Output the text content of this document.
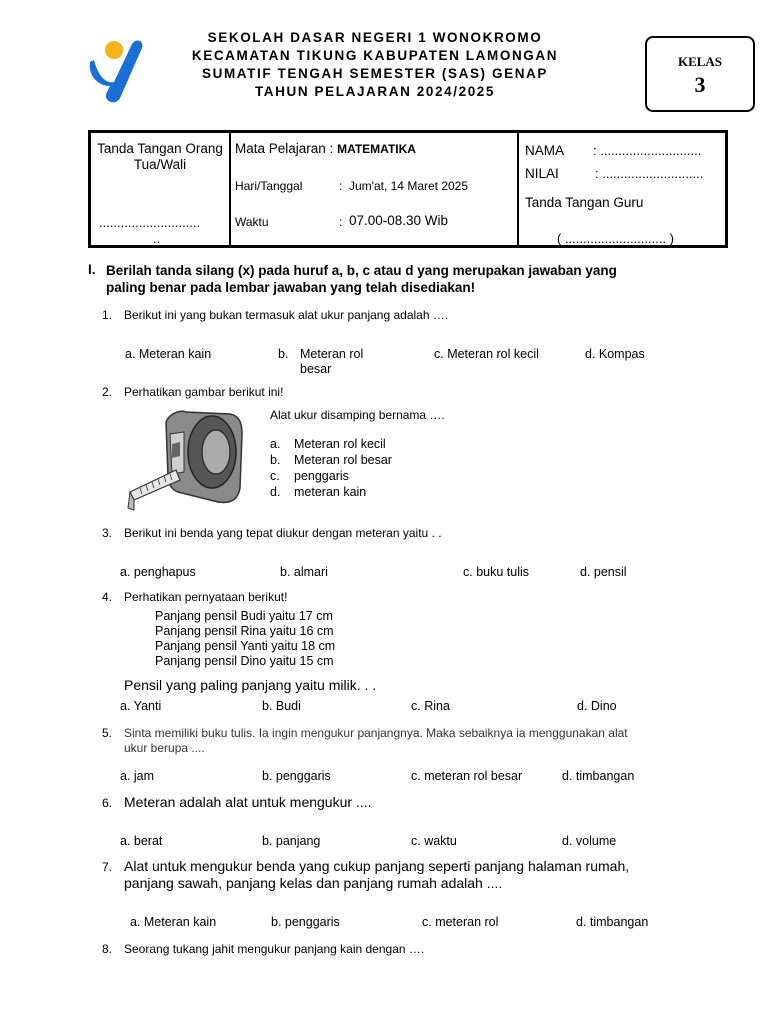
SEKOLAH DASAR NEGERI 1 WONOKROMO
KECAMATAN TIKUNG KABUPATEN LAMONGAN
SUMATIF TENGAH SEMESTER (SAS) GENAP
TAHUN PELAJARAN 2024/2025
KELAS
3
Tanda Tangan Orang Tua/Wali
............................
..

Mata Pelajaran : MATEMATIKA
Hari/Tanggal	: Jum'at, 14 Maret 2025
Waktu	: 07.00-08.30 Wib

NAMA : ............................
NILAI	: ............................
Tanda Tangan Guru
( ............................ )
I. Berilah tanda silang (x) pada huruf a, b, c atau d yang merupakan jawaban yang
paling benar pada lembar jawaban yang telah disediakan!
1. Berikut ini yang bukan termasuk alat ukur panjang adalah ….
a. Meteran kain	b. Meteran rol
besar
c. Meteran rol kecil	d. Kompas
2. Perhatikan gambar berikut ini!
Alat ukur disamping bernama ….
a.
b.
c.
d.
Meteran rol kecil
Meteran rol besar
penggaris
meteran kain
3. Berikut ini benda yang tepat diukur dengan meteran yaitu . .
a. penghapus	b. almari	c. buku tulis	d. pensil
4. Perhatikan pernyataan berikut!
Panjang pensil Budi yaitu 17 cm
Panjang pensil Rina yaitu 16 cm
Panjang pensil Yanti yaitu 18 cm
Panjang pensil Dino yaitu 15 cm
Pensil yang paling panjang yaitu milik. . .
a. Yanti	b. Budi	c. Rina	d. Dino
5. Sinta memiliki buku tulis. Ia ingin mengukur panjangnya. Maka sebaiknya ia menggunakan alat
ukur berupa ....
a. jam	b. penggaris	c. meteran rol besar	d. timbangan
6. Meteran adalah alat untuk mengukur ....
a. berat	b. panjang	c. waktu	d. volume
7. Alat untuk mengukur benda yang cukup panjang seperti panjang halaman rumah,
panjang sawah, panjang kelas dan panjang rumah adalah ....
a. Meteran kain	b. penggaris	c. meteran rol	d. timbangan
8. Seorang tukang jahit mengukur panjang kain dengan ….
